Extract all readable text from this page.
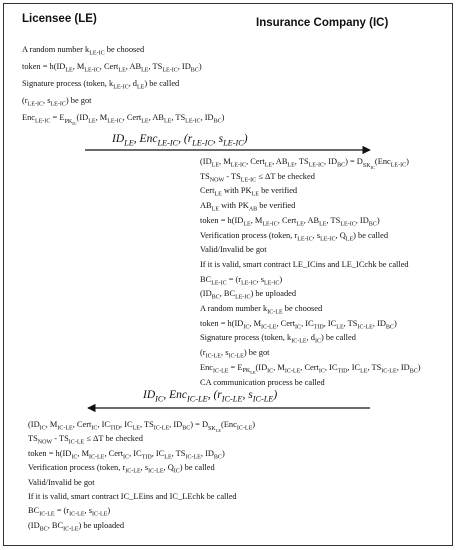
Licensee (LE)	Insurance Company (IC)
A random number $k_{LE-IC}$ be choosed
token = $h(ID_{LE}$, $M_{LE-IC}$, Cert$_{LE}$, $AB_{LE}$, $TS_{LE-IC}$, $ID_{BC}$)
Signature process (token, $k_{LE-IC}$, $d_{LE}$) be called
($r_{LE-IC}$, $s_{LE-IC}$) be got
$Enc_{LE-IC} = E_{PK_{IC}}(ID_{LE}$, $M_{LE-IC}$, Cert$_{LE}$, $AB_{LE}$, $TS_{LE-IC}$, $ID_{BC}$)
$ID_{LE}$, Enc$_{LE-IC}$, ($r_{LE-IC}$, $s_{LE-IC}$)
($ID_{LE}$, $M_{LE-IC}$, Cert$_{LE}$, $AB_{LE}$, $TS_{LE-IC}$, $ID_{BC}) = D_{SK_{IC}}(Enc_{LE-IC})$
$TS_{NOW} - TS_{LE-IC} \le \Delta T$ be checked
Cert$_{LE}$ with $PK_{LE}$ be verified
$AB_{LE}$ with $PK_{AB}$ be verified
token = $h(ID_{LE}$, $M_{LE-IC}$, Cert$_{LE}$, $AB_{LE}$, $TS_{LE-IC}$, $ID_{BC}$)
Verification process (token, $r_{LE-IC}$, $s_{LE-IC}$, $Q_{LE}$) be called
Valid/Invalid be got
If it is valid, smart contract LE_ICins and LE_ICchk be called
$BC_{LE-IC} = (r_{LE-IC}$, $s_{LE-IC}$)
($ID_{BC}$, $BC_{LE-IC}$) be uploaded
A random number $k_{IC-LE}$ be choosed
token = $h(ID_{IC}$, $M_{IC-LE}$, Cert$_{IC}$, $IC_{TID}$, $IC_{LE}$, $TS_{IC-LE}$, $ID_{BC}$)
Signature process (token, $k_{IC-LE}$, $d_{IC}$) be called
($r_{IC-LE}$, $s_{IC-LE}$) be got
$Enc_{IC-LE} = E_{PK_{LE}}(ID_{IC}$, $M_{IC-LE}$, Cert$_{IC}$, $IC_{TID}$, $IC_{LE}$, $TS_{IC-LE}$, $ID_{BC}$)
CA communication process be called
$ID_{IC}$, Enc$_{IC-LE}$, ($r_{IC-LE}$, $s_{IC-LE}$)
($ID_{IC}$, $M_{IC-LE}$, Cert$_{IC}$, $IC_{TID}$, $IC_{LE}$, $TS_{IC-LE}$, $ID_{BC}) = D_{SK_{LE}}(Enc_{IC-LE})$
$TS_{NOW} - TS_{IC-LE} \le \Delta T$ be checked
token = $h(ID_{IC}$, $M_{IC-LE}$, Cert$_{IC}$, $IC_{TID}$, $IC_{LE}$, $TS_{IC-LE}$, $ID_{BC}$)
Verification process (token, $r_{IC-LE}$, $s_{IC-LE}$, $Q_{IC}$) be called
Valid/Invalid be got
If it is valid, smart contract IC_LEins and IC_LEchk be called
$BC_{IC-LE} = (r_{IC-LE}$, $s_{IC-LE}$)
($ID_{BC}$, $BC_{IC-LE}$) be uploaded
